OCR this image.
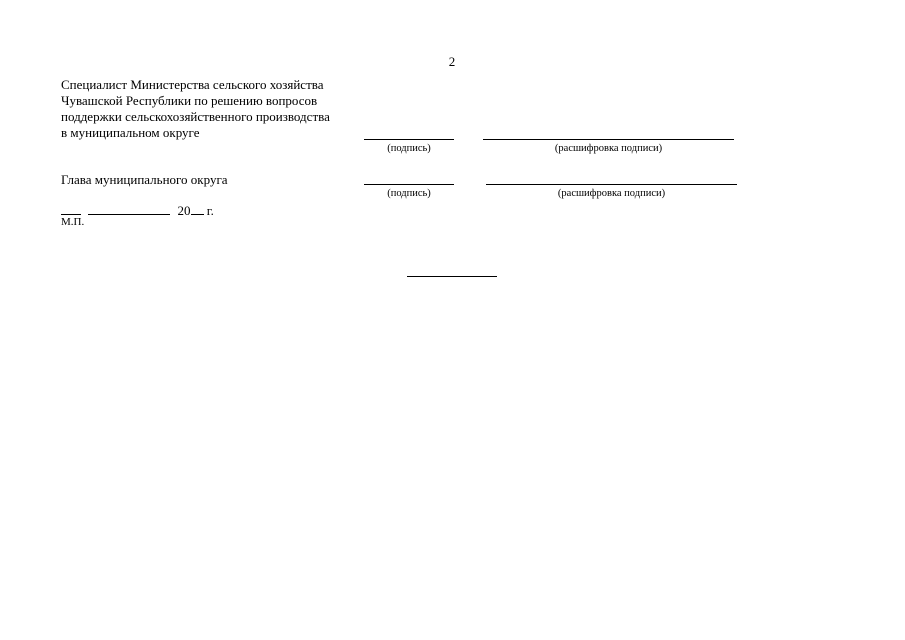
2
Специалист Министерства сельского хозяйства
Чувашской Республики по решению вопросов
поддержки сельскохозяйственного производства
в муниципальном округе
(подпись)	(расшифровка подписи)
Глава муниципального округа
(подпись)	(расшифровка подписи)
20 г.
М.П.
